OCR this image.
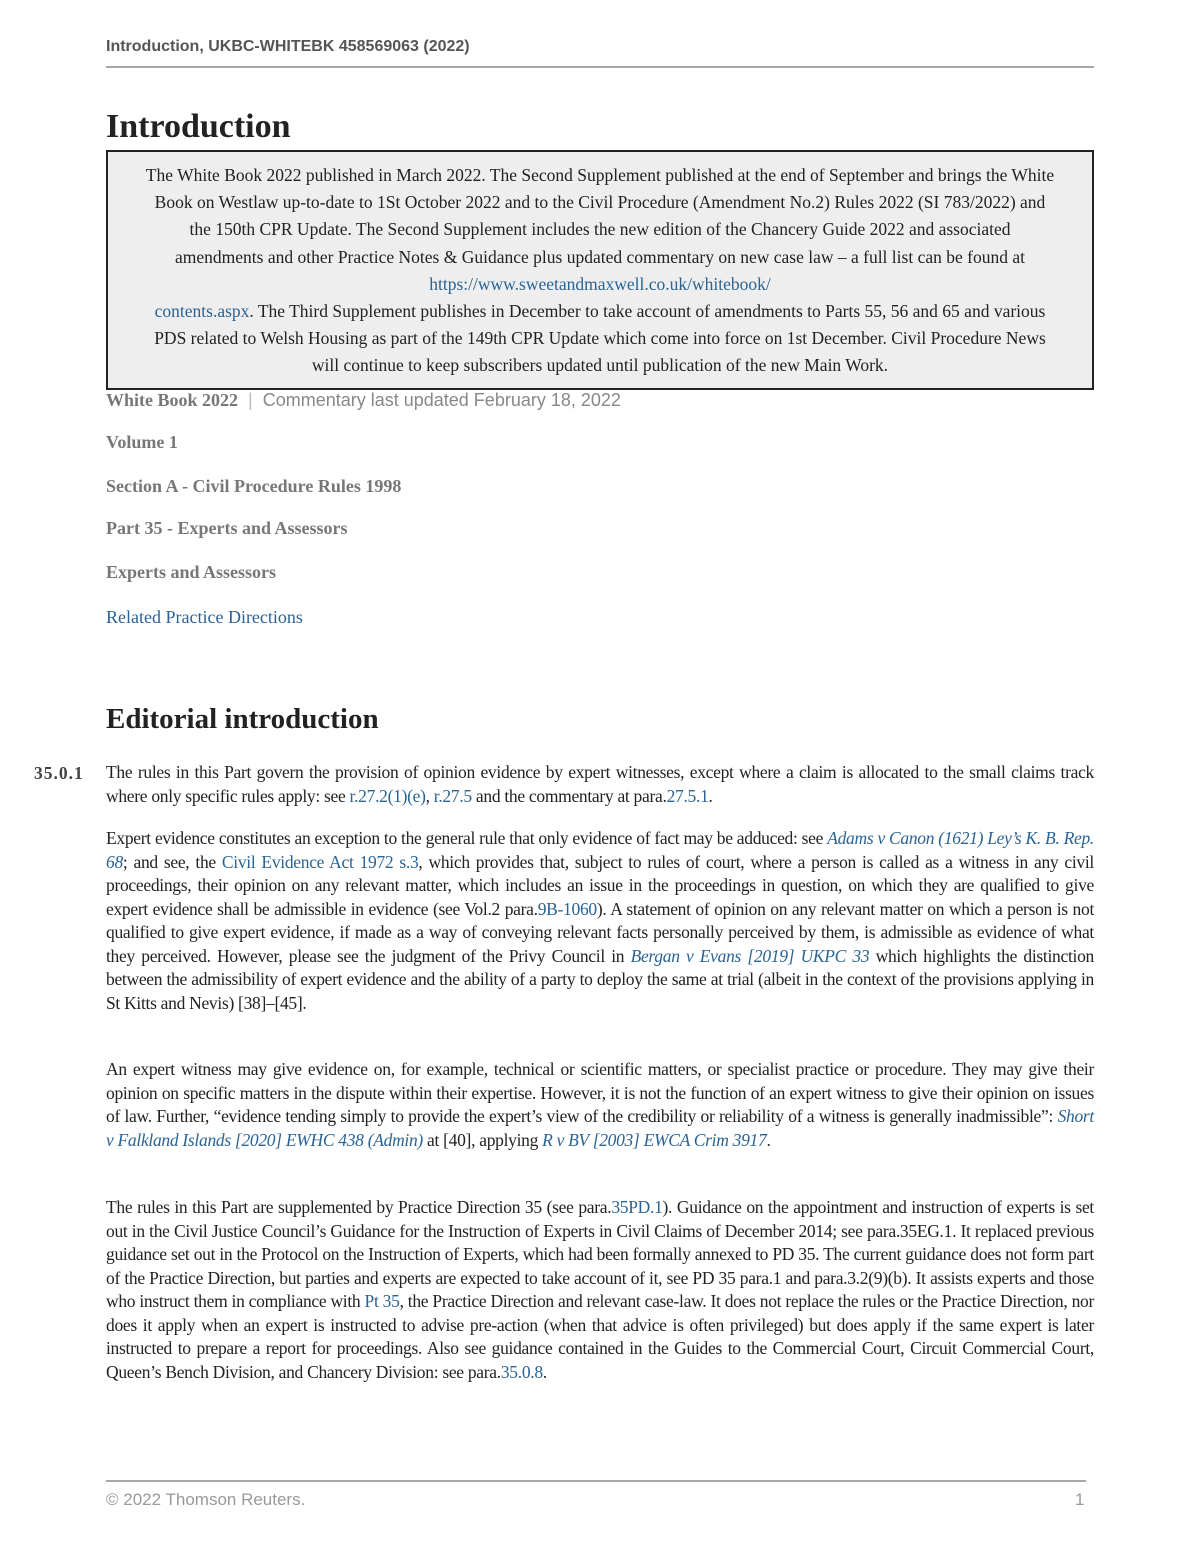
Introduction, UKBC-WHITEBK 458569063 (2022)
Introduction
The White Book 2022 published in March 2022. The Second Supplement published at the end of September and brings the White Book on Westlaw up-to-date to 1St October 2022 and to the Civil Procedure (Amendment No.2) Rules 2022 (SI 783/2022) and the 150th CPR Update. The Second Supplement includes the new edition of the Chancery Guide 2022 and associated amendments and other Practice Notes & Guidance plus updated commentary on new case law – a full list can be found at https://www.sweetandmaxwell.co.uk/whitebook/
contents.aspx. The Third Supplement publishes in December to take account of amendments to Parts 55, 56 and 65 and various PDS related to Welsh Housing as part of the 149th CPR Update which come into force on 1st December. Civil Procedure News will continue to keep subscribers updated until publication of the new Main Work.
White Book 2022 | Commentary last updated February 18, 2022
Volume 1
Section A - Civil Procedure Rules 1998
Part 35 - Experts and Assessors
Experts and Assessors
Related Practice Directions
Editorial introduction
35.0.1 The rules in this Part govern the provision of opinion evidence by expert witnesses, except where a claim is allocated to the small claims track where only specific rules apply: see r.27.2(1)(e), r.27.5 and the commentary at para.27.5.1.

Expert evidence constitutes an exception to the general rule that only evidence of fact may be adduced: see Adams v Canon (1621) Ley’s K. B. Rep. 68; and see, the Civil Evidence Act 1972 s.3, which provides that, subject to rules of court, where a person is called as a witness in any civil proceedings, their opinion on any relevant matter, which includes an issue in the proceedings in question, on which they are qualified to give expert evidence shall be admissible in evidence (see Vol.2 para.9B-1060). A statement of opinion on any relevant matter on which a person is not qualified to give expert evidence, if made as a way of conveying relevant facts personally perceived by them, is admissible as evidence of what they perceived. However, please see the judgment of the Privy Council in Bergan v Evans [2019] UKPC 33 which highlights the distinction between the admissibility of expert evidence and the ability of a party to deploy the same at trial (albeit in the context of the provisions applying in St Kitts and Nevis) [38]–[45].

An expert witness may give evidence on, for example, technical or scientific matters, or specialist practice or procedure. They may give their opinion on specific matters in the dispute within their expertise. However, it is not the function of an expert witness to give their opinion on issues of law. Further, “evidence tending simply to provide the expert’s view of the credibility or reliability of a witness is generally inadmissible”: Short v Falkland Islands [2020] EWHC 438 (Admin) at [40], applying R v BV [2003] EWCA Crim 3917.

The rules in this Part are supplemented by Practice Direction 35 (see para.35PD.1). Guidance on the appointment and instruction of experts is set out in the Civil Justice Council’s Guidance for the Instruction of Experts in Civil Claims of December 2014; see para.35EG.1. It replaced previous guidance set out in the Protocol on the Instruction of Experts, which had been formally annexed to PD 35. The current guidance does not form part of the Practice Direction, but parties and experts are expected to take account of it, see PD 35 para.1 and para.3.2(9)(b). It assists experts and those who instruct them in compliance with Pt 35, the Practice Direction and relevant case-law. It does not replace the rules or the Practice Direction, nor does it apply when an expert is instructed to advise pre-action (when that advice is often privileged) but does apply if the same expert is later instructed to prepare a report for proceedings. Also see guidance contained in the Guides to the Commercial Court, Circuit Commercial Court, Queen’s Bench Division, and Chancery Division: see para.35.0.8.

© 2022 Thomson Reuters.	1
